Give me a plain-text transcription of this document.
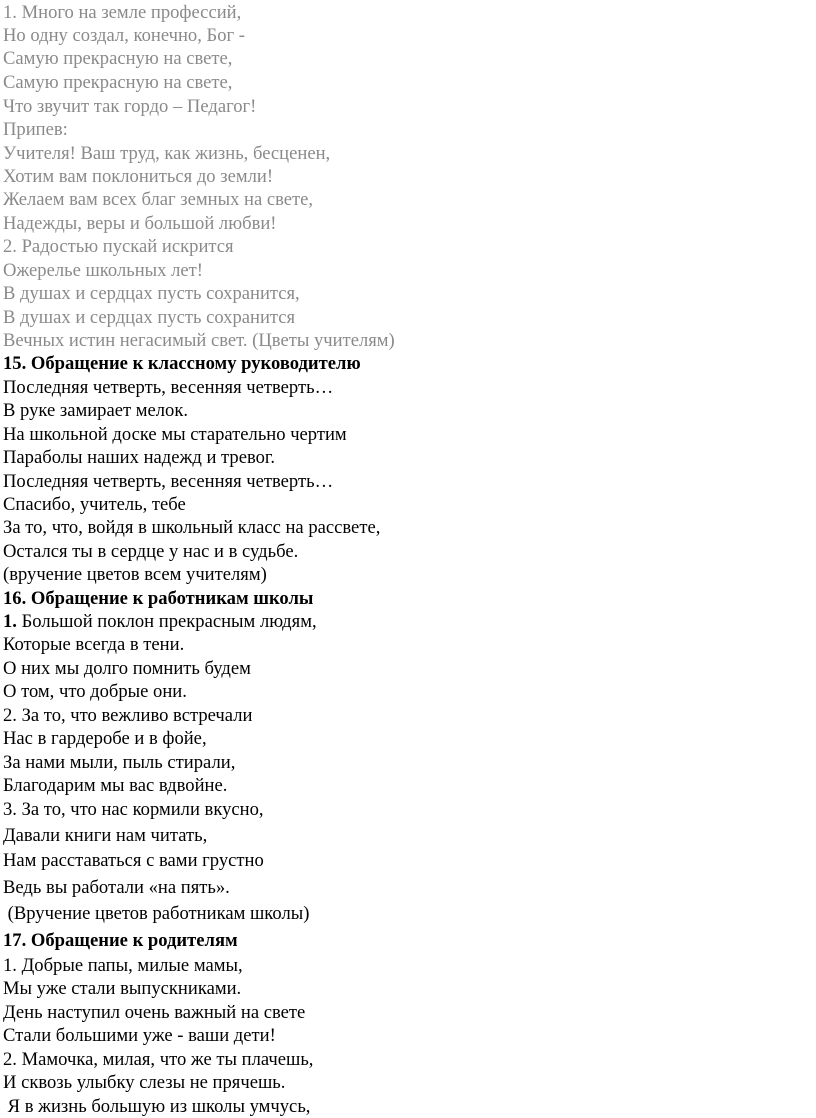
1. Много на земле профессий,
Но одну создал, конечно, Бог -
Самую прекрасную на свете,
Самую прекрасную на свете,
Что звучит так гордо – Педагог!
Припев:
Учителя! Ваш труд, как жизнь, бесценен,
Хотим вам поклониться до земли!
Желаем вам всех благ земных на свете,
Надежды, веры и большой любви!
2. Радостью пускай искрится
Ожерелье школьных лет!
В душах и сердцах пусть сохранится,
В душах и сердцах пусть сохранится
Вечных истин негасимый свет. (Цветы учителям)
15. Обращение к классному руководителю
Последняя четверть, весенняя четверть…
В руке замирает мелок.
На школьной доске мы старательно чертим
Параболы наших надежд и тревог.
Последняя четверть, весенняя четверть…
Спасибо, учитель, тебе
За то, что, войдя в школьный класс на рассвете,
Остался ты в сердце у нас и в судьбе.
(вручение цветов всем учителям)
16. Обращение к работникам школы
1. Большой поклон прекрасным людям,
Которые всегда в тени.
О них мы долго помнить будем
О том, что добрые они.
2. За то, что вежливо встречали
Нас в гардеробе и в фойе,
За нами мыли, пыль стирали,
Благодарим мы вас вдвойне.
3. За то, что нас кормили вкусно,
Давали книги нам читать,
Нам расставаться с вами грустно
Ведь вы работали «на пять».
(Вручение цветов работникам школы)
17. Обращение к родителям
1. Добрые папы, милые мамы,
Мы уже стали выпускниками.
День наступил очень важный на свете
Стали большими уже - ваши дети!
2. Мамочка, милая, что же ты плачешь,
И сквозь улыбку слезы не прячешь.
Я в жизнь большую из школы умчусь,
